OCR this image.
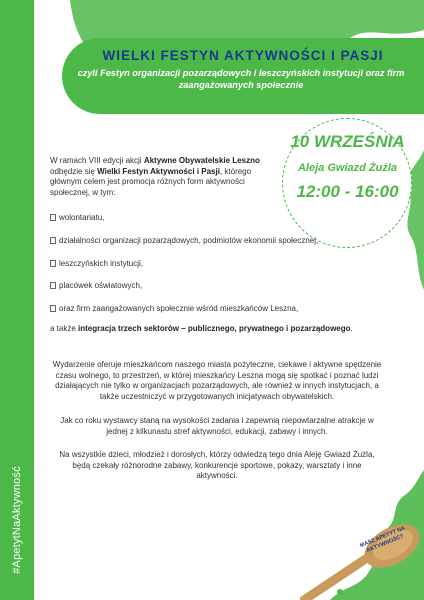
#ApetytNaAktywność
WIELKI FESTYN AKTYWNOŚCI I PASJI
czyli Festyn organizacji pozarządowych i leszczyńskich instytucji oraz firm zaangażowanych społecznie
10 WRZEŚNIA
Aleja Gwiazd Żużla
12:00 - 16:00
W ramach VIII edycji akcji Aktywne Obywatelskie Leszno odbędzie się Wielki Festyn Aktywności i Pasji, którego głównym celem jest promocja różnych form aktywności społecznej, w tym:
wolontariatu,
działalności organizacji pozarządowych, podmiotów ekonomii społecznej,
leszczyńskich instytucji,
placówek oświatowych,
oraz firm zaangażowanych społecznie wśród mieszkańców Leszna,
a także integracja trzech sektorów – publicznego, prywatnego i pozarządowego.
Wydarzenie oferuje mieszkańcom naszego miasta pożyteczne, ciekawe i aktywne spędzenie czasu wolnego, to przestrzeń, w której mieszkańcy Leszna mogą się spotkać i poznać ludzi działających nie tylko w organizacjach pozarządowych, ale również w innych instytucjach, a także uczestniczyć w przygotowanych inicjatywach obywatelskich.
Jak co roku wystawcy staną na wysokości zadania i zapewnią niepowtarzalne atrakcje w jednej z kilkunastu stref aktywności, edukacji, zabawy i innych.
Na wszystkie dzieci, młodzież i dorosłych, którzy odwiedzą tego dnia Aleję Gwiazd Żużla, będą czekały różnorodne zabawy, konkurencje sportowe, pokazy, warsztaty i inne aktywności.
MASZ APETYT NA AKTYWNOŚĆ?
